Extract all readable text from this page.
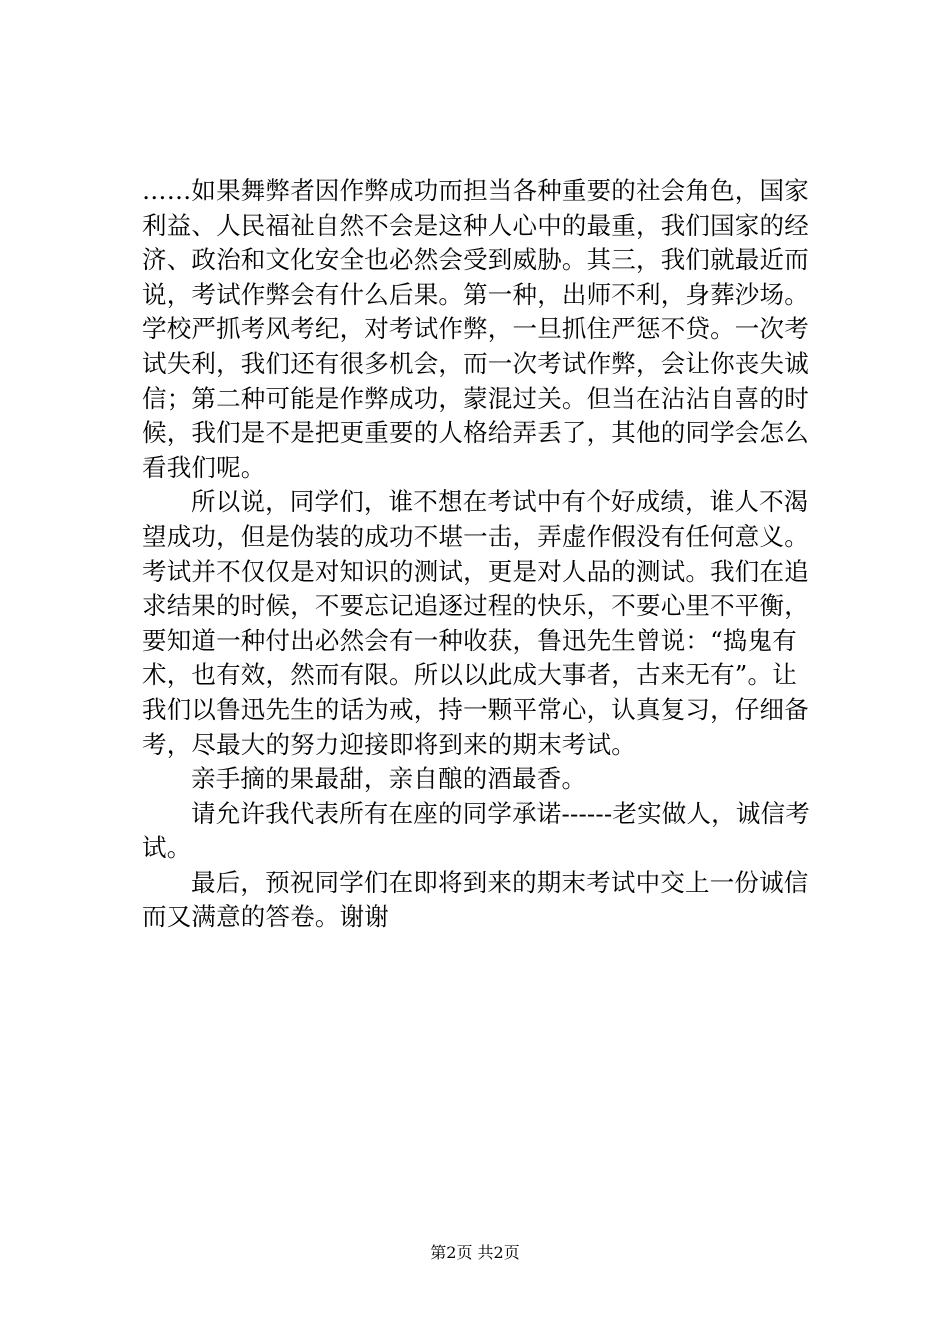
……如果舞弊者因作弊成功而担当各种重要的社会角色，国家
利益、人民福祉自然不会是这种人心中的最重，我们国家的经
济、政治和文化安全也必然会受到威胁。其三，我们就最近而
说，考试作弊会有什么后果。第一种，出师不利，身葬沙场。
学校严抓考风考纪，对考试作弊，一旦抓住严惩不贷。一次考
试失利，我们还有很多机会，而一次考试作弊，会让你丧失诚
信；第二种可能是作弊成功，蒙混过关。但当在沾沾自喜的时
候，我们是不是把更重要的人格给弄丢了，其他的同学会怎么
看我们呢。
所以说，同学们，谁不想在考试中有个好成绩，谁人不渴
望成功，但是伪装的成功不堪一击，弄虚作假没有任何意义。
考试并不仅仅是对知识的测试，更是对人品的测试。我们在追
求结果的时候，不要忘记追逐过程的快乐，不要心里不平衡，
要知道一种付出必然会有一种收获，鲁迅先生曾说：“捣鬼有
术，也有效，然而有限。所以以此成大事者，古来无有”。让
我们以鲁迅先生的话为戒，持一颗平常心，认真复习，仔细备
考，尽最大的努力迎接即将到来的期末考试。
亲手摘的果最甜，亲自酿的酒最香。
请允许我代表所有在座的同学承诺------老实做人，诚信考
试。
最后，预祝同学们在即将到来的期末考试中交上一份诚信
而又满意的答卷。谢谢
第2页 共2页
